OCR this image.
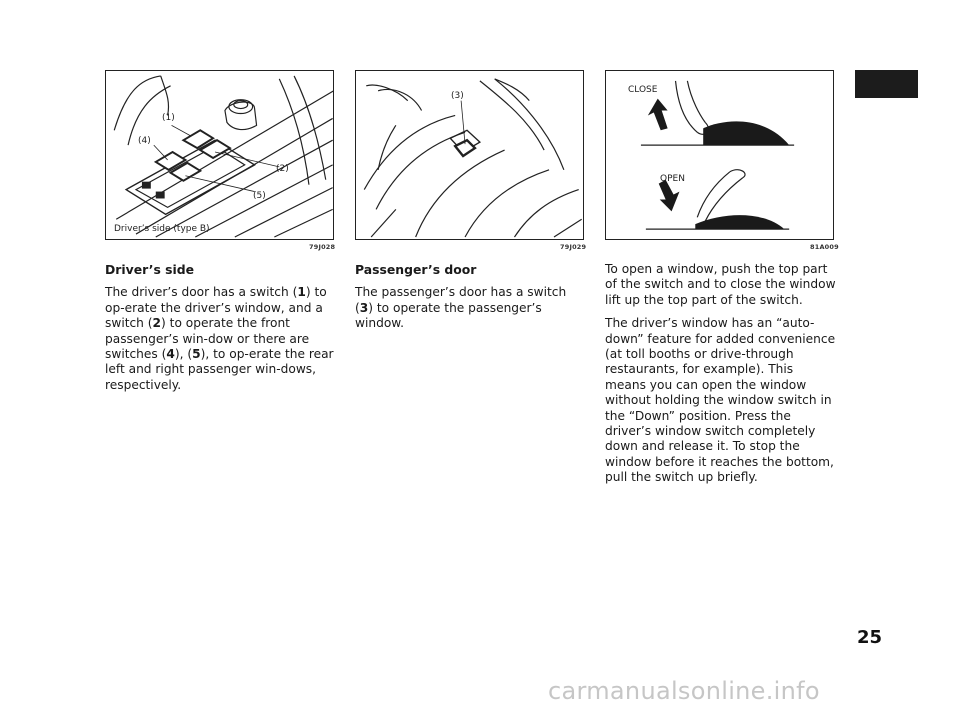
(1)
(2)
(4)
(5)
Driver’s side (type B)
79J028
(3)
79J029
CLOSE
OPEN
81A009

Driver’s side

The driver’s door has a switch (1) to op-erate the driver’s window, and a switch (2) to operate the front passenger’s win-dow or there are switches (4), (5), to op-erate the rear left and right passenger win-dows, respectively.

Passenger’s door

The passenger’s door has a switch (3) to operate the passenger’s window.

To open a window, push the top part of the switch and to close the window lift up the top part of the switch.

The driver’s window has an “auto-down” feature for added convenience (at toll booths or drive-through restaurants, for example). This means you can open the window without holding the window switch in the “Down” position. Press the driver’s window switch completely down and release it. To stop the window before it reaches the bottom, pull the switch up briefly.

25
carmanualsonline.info
